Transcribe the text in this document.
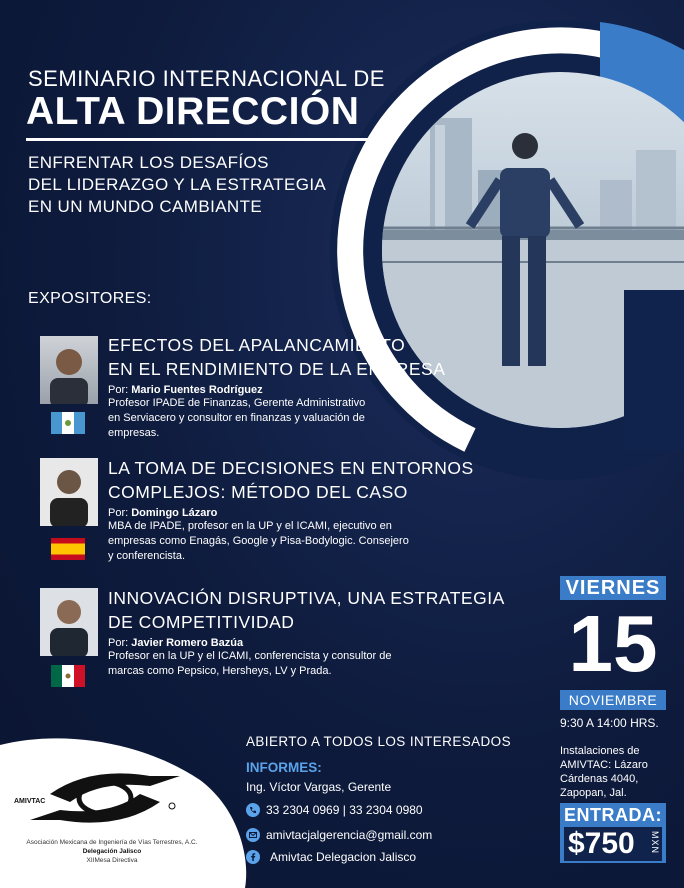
SEMINARIO INTERNACIONAL DE
ALTA DIRECCIÓN
ENFRENTAR LOS DESAFÍOS
DEL LIDERAZGO Y LA ESTRATEGIA
EN UN MUNDO CAMBIANTE
EXPOSITORES:
EFECTOS DEL APALANCAMIENTO
EN EL RENDIMIENTO DE LA EMPRESA
Por: Mario Fuentes Rodríguez
Profesor IPADE de Finanzas, Gerente Administrativo
en Serviacero y consultor en finanzas y valuación de
empresas.
LA TOMA DE DECISIONES EN ENTORNOS
COMPLEJOS: MÉTODO DEL CASO
Por: Domingo Lázaro
MBA de IPADE, profesor en la UP y el ICAMI, ejecutivo en
empresas como Enagás, Google y Pisa-Bodylogic. Consejero
y conferencista.
INNOVACIÓN DISRUPTIVA, UNA ESTRATEGIA
DE COMPETITIVIDAD
Por: Javier Romero Bazúa
Profesor en la UP y el ICAMI, conferencista y consultor de
marcas como Pepsico, Hersheys, LV y Prada.
VIERNES
15
NOVIEMBRE
9:30 A 14:00 HRS.
Instalaciones de
AMIVTAC: Lázaro
Cárdenas 4040,
Zapopan, Jal.
ENTRADA:
$750 MXN
ABIERTO A TODOS LOS INTERESADOS
INFORMES:
Ing. Víctor Vargas, Gerente
33 2304 0969 | 33 2304 0980
amivtacjalgerencia@gmail.com
Amivtac Delegacion Jalisco
AMIVTAC
Asociación Mexicana de Ingeniería de Vías Terrestres, A.C.
Delegación Jalisco
XIIMesa Directiva
